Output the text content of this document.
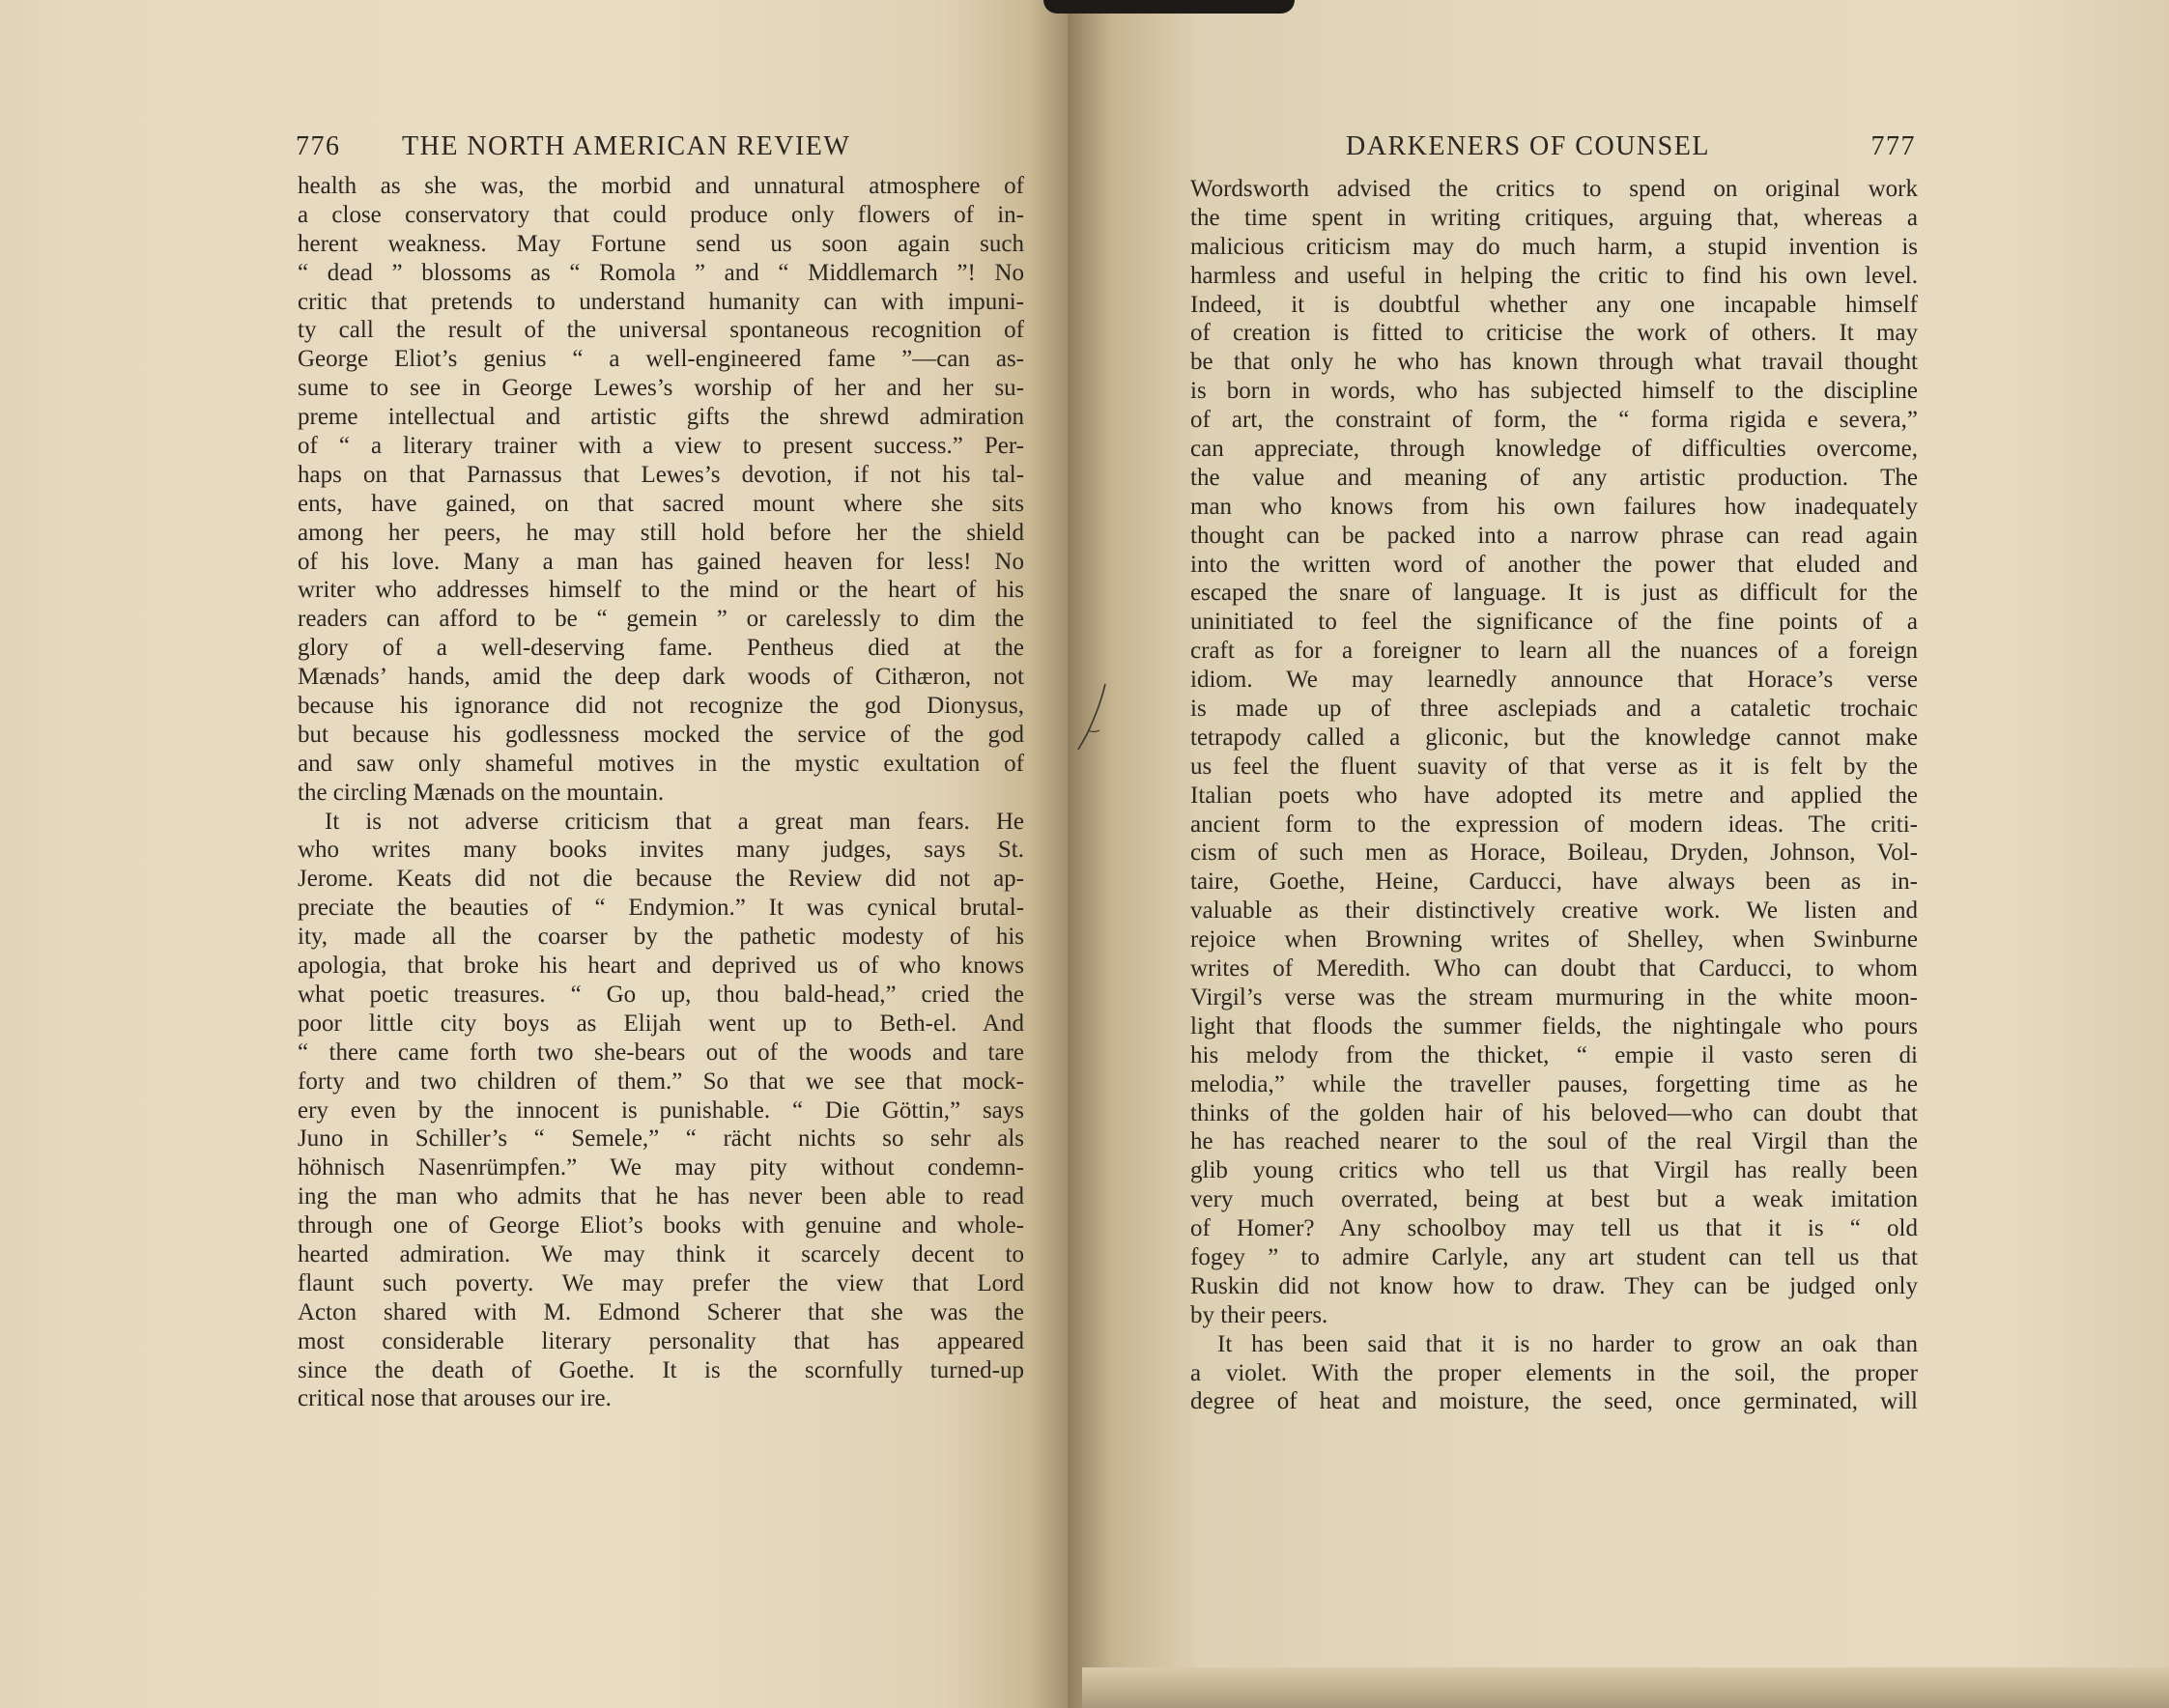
776 THE NORTH AMERICAN REVIEW	DARKENERS OF COUNSEL	777
health as she was, the morbid and unnatural atmosphere of
a close conservatory that could produce only flowers of in-
herent weakness. May Fortune send us soon again such
“ dead ” blossoms as “ Romola ” and “ Middlemarch ”! No
critic that pretends to understand humanity can with impuni-
ty call the result of the universal spontaneous recognition of
George Eliot’s genius “ a well-engineered fame ”—can as-
sume to see in George Lewes’s worship of her and her su-
preme intellectual and artistic gifts the shrewd admiration
of “ a literary trainer with a view to present success.” Per-
haps on that Parnassus that Lewes’s devotion, if not his tal-
ents, have gained, on that sacred mount where she sits
among her peers, he may still hold before her the shield
of his love. Many a man has gained heaven for less! No
writer who addresses himself to the mind or the heart of his
readers can afford to be “ gemein ” or carelessly to dim the
glory of a well-deserving fame. Pentheus died at the
Mænads’ hands, amid the deep dark woods of Cithæron, not
because his ignorance did not recognize the god Dionysus,
but because his godlessness mocked the service of the god
and saw only shameful motives in the mystic exultation of
the circling Mænads on the mountain.
It is not adverse criticism that a great man fears. He
who writes many books invites many judges, says St.
Jerome. Keats did not die because the Review did not ap-
preciate the beauties of “ Endymion.” It was cynical brutal-
ity, made all the coarser by the pathetic modesty of his
apologia, that broke his heart and deprived us of who knows
what poetic treasures. “ Go up, thou bald-head,” cried the
poor little city boys as Elijah went up to Beth-el. And
“ there came forth two she-bears out of the woods and tare
forty and two children of them.” So that we see that mock-
ery even by the innocent is punishable. “ Die Göttin,” says
Juno in Schiller’s “ Semele,” “ rächt nichts so sehr als
höhnisch Nasenrümpfen.” We may pity without condemn-
ing the man who admits that he has never been able to read
through one of George Eliot’s books with genuine and whole-
hearted admiration. We may think it scarcely decent to
flaunt such poverty. We may prefer the view that Lord
Acton shared with M. Edmond Scherer that she was the
most considerable literary personality that has appeared
since the death of Goethe. It is the scornfully turned-up
critical nose that arouses our ire.
Wordsworth advised the critics to spend on original work
the time spent in writing critiques, arguing that, whereas a
malicious criticism may do much harm, a stupid invention is
harmless and useful in helping the critic to find his own level.
Indeed, it is doubtful whether any one incapable himself
of creation is fitted to criticise the work of others. It may
be that only he who has known through what travail thought
is born in words, who has subjected himself to the discipline
of art, the constraint of form, the “ forma rigida e severa,”
can appreciate, through knowledge of difficulties overcome,
the value and meaning of any artistic production. The
man who knows from his own failures how inadequately
thought can be packed into a narrow phrase can read again
into the written word of another the power that eluded and
escaped the snare of language. It is just as difficult for the
uninitiated to feel the significance of the fine points of a
craft as for a foreigner to learn all the nuances of a foreign
idiom. We may learnedly announce that Horace’s verse
is made up of three asclepiads and a cataletic trochaic
tetrapody called a gliconic, but the knowledge cannot make
us feel the fluent suavity of that verse as it is felt by the
Italian poets who have adopted its metre and applied the
ancient form to the expression of modern ideas. The criti-
cism of such men as Horace, Boileau, Dryden, Johnson, Vol-
taire, Goethe, Heine, Carducci, have always been as in-
valuable as their distinctively creative work. We listen and
rejoice when Browning writes of Shelley, when Swinburne
writes of Meredith. Who can doubt that Carducci, to whom
Virgil’s verse was the stream murmuring in the white moon-
light that floods the summer fields, the nightingale who pours
his melody from the thicket, “ empie il vasto seren di
melodia,” while the traveller pauses, forgetting time as he
thinks of the golden hair of his beloved—who can doubt that
he has reached nearer to the soul of the real Virgil than the
glib young critics who tell us that Virgil has really been
very much overrated, being at best but a weak imitation
of Homer? Any schoolboy may tell us that it is “ old
fogey ” to admire Carlyle, any art student can tell us that
Ruskin did not know how to draw. They can be judged only
by their peers.
It has been said that it is no harder to grow an oak than
a violet. With the proper elements in the soil, the proper
degree of heat and moisture, the seed, once germinated, will
